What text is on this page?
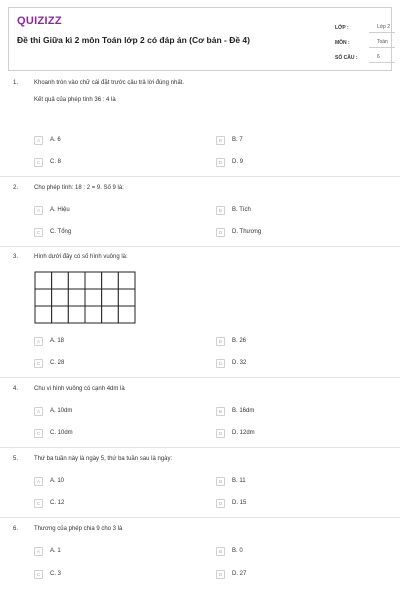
QUIZIZZ
Đề thi Giữa kì 2 môn Toán lớp 2 có đáp án (Cơ bản - Đề 4)
LỚP :	Lớp 2
MÔN :	Toán
SỐ CÂU :	6
1.	Khoanh tròn vào chữ cái đặt trước câu trả lời đúng nhất.
Kết quả của phép tính 36 : 4 là
A	A. 6	B	B. 7
C	C. 8	D	D. 9
2.	Cho phép tính: 18 : 2 = 9. Số 9 là:
A	A. Hiệu	B	B. Tích
C	C. Tổng	D	D. Thương
3.	Hình dưới đây có số hình vuông là:
A	A. 18	B	B. 26
C	C. 28	D	D. 32
4.	Chu vi hình vuông có cạnh 4dm là
A	A. 10dm	B	B. 16dm
C	C. 10dm	D	D. 12dm
5.	Thứ ba tuần này là ngày 5, thứ ba tuần sau là ngày:
A	A. 10	B	B. 11
C	C. 12	D	D. 15
6.	Thương của phép chia 9 cho 3 là
A	A. 1	B	B. 0
C	C. 3	D	D. 27
